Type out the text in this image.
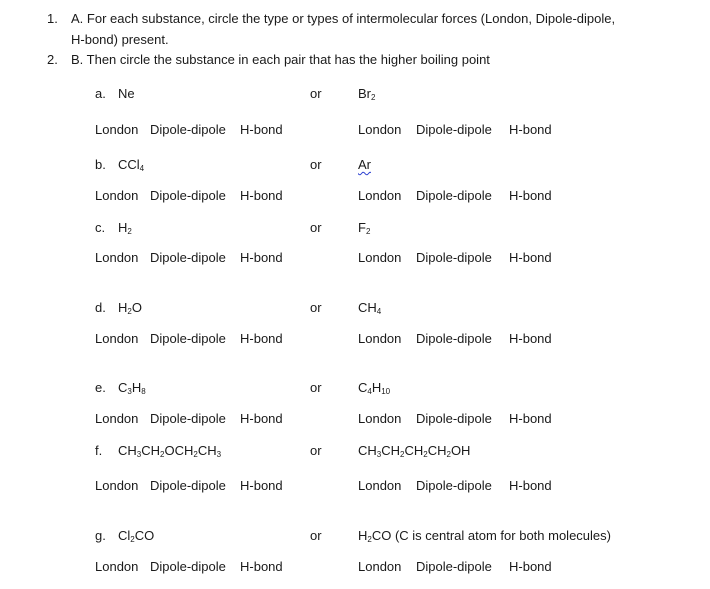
1. A. For each substance, circle the type or types of intermolecular forces (London, Dipole-dipole,
H-bond) present.
2. B. Then circle the substance in each pair that has the higher boiling point
a. Ne	or	$Br_2$
London Dipole-dipole	H-bond	London	Dipole-dipole	H-bond
b. CCl$_4$	or	Ar
London Dipole-dipole	H-bond	London	Dipole-dipole	H-bond
c. $H_2$	or	$F_2$
London Dipole-dipole	H-bond	London	Dipole-dipole	H-bond
d. $H_2O$	or	$CH_4$
London Dipole-dipole	H-bond	London	Dipole-dipole	H-bond
e. $C_3H_8$	or	$C_4H_{10}$
London Dipole-dipole	H-bond	London	Dipole-dipole	H-bond
f. $CH_3CH_2OCH_2CH_3$	or	$CH_3CH_2CH_2CH_2OH$
London Dipole-dipole	H-bond	London	Dipole-dipole	H-bond
g. $Cl_2CO$	or	$H_2CO$ (C is central atom for both molecules)
London Dipole-dipole	H-bond	London	Dipole-dipole	H-bond
